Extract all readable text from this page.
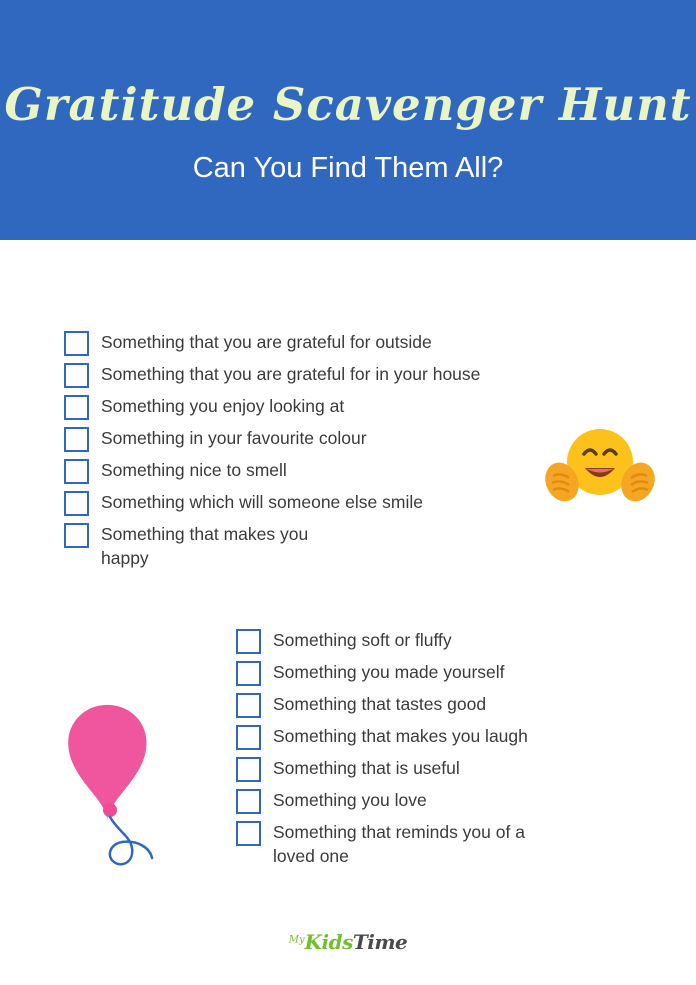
Gratitude Scavenger Hunt
Can You Find Them All?
Something that you are grateful for outside
Something that you are grateful for in your house
Something you enjoy looking at
Something in your favourite colour
Something nice to smell
Something which will someone else smile
Something that makes you happy
Something soft or fluffy
Something you made yourself
Something that tastes good
Something that makes you laugh
Something that is useful
Something you love
Something that reminds you of a loved one
$^{My}$KidsTime
